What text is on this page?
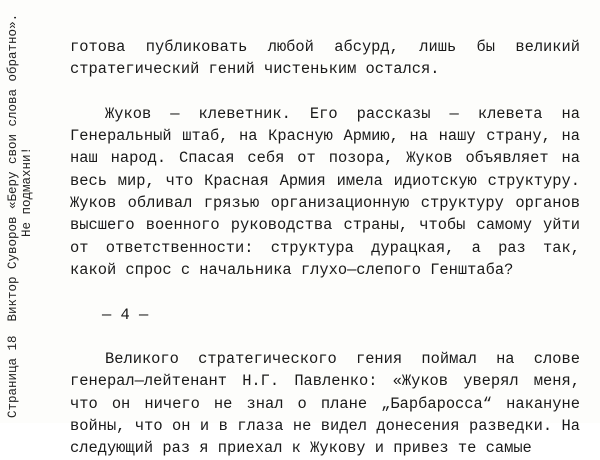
Страница 18Виктор Суворов «Беру свои слова обратно». Не подмахни!

готова публиковать любой абсурд, лишь бы великий стратегический гений чистеньким остался.

Жуков — клеветник. Его рассказы — клевета на Генеральный штаб, на Красную Армию, на нашу страну, на наш народ. Спасая себя от позора, Жуков объявляет на весь мир, что Красная Армия имела идиотскую структуру. Жуков обливал грязью организационную структуру органов высшего военного руководства страны, чтобы самому уйти от ответственности: структура дурацкая, а раз так, какой спрос с начальника глухо—слепого Генштаба?

— 4 —

Великого стратегического гения поймал на слове генерал—лейтенант Н.Г. Павленко: «Жуков уверял меня, что он ничего не знал о плане „Барбаросса“ накануне войны, что он и в глаза не видел донесения разведки. На следующий раз я приехал к Жукову и привез те самые
